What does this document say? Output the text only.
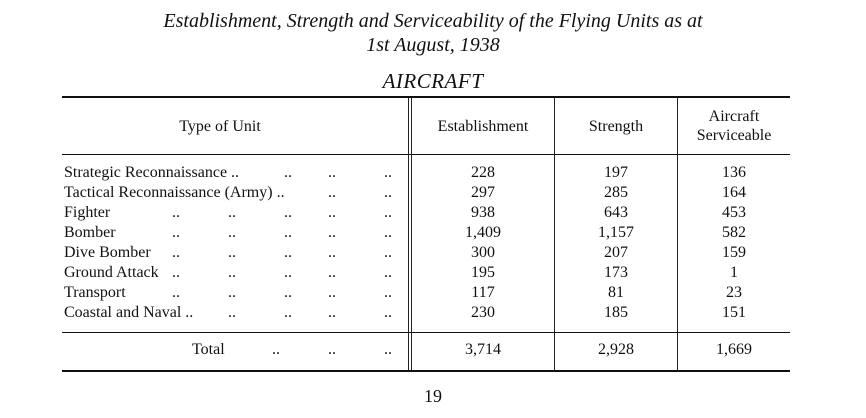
Establishment, Strength and Serviceability of the Flying Units as at
1st August, 1938
AIRCRAFT
Type of Unit	Establishment	Strength
Aircraft
Serviceable
Strategic Reconnaissance ..	.. ..	..	228	197	136
Tactical Reconnaissance (Army) ..	..	..	297	285	164
Fighter	..	..	.. ..	..	938	643	453
Bomber	..	..	.. ..	..	1,409	1,157	582
Dive Bomber ..	..	.. ..	..	300	207	159
Ground Attack ..	..	.. ..	..	195	173	1
Transport	..	..	.. ..	..	117	81	23
Coastal and Naval .. ..	.. ..	..	230	185	151
Total	..	..	..	3,714	2,928	1,669
19
